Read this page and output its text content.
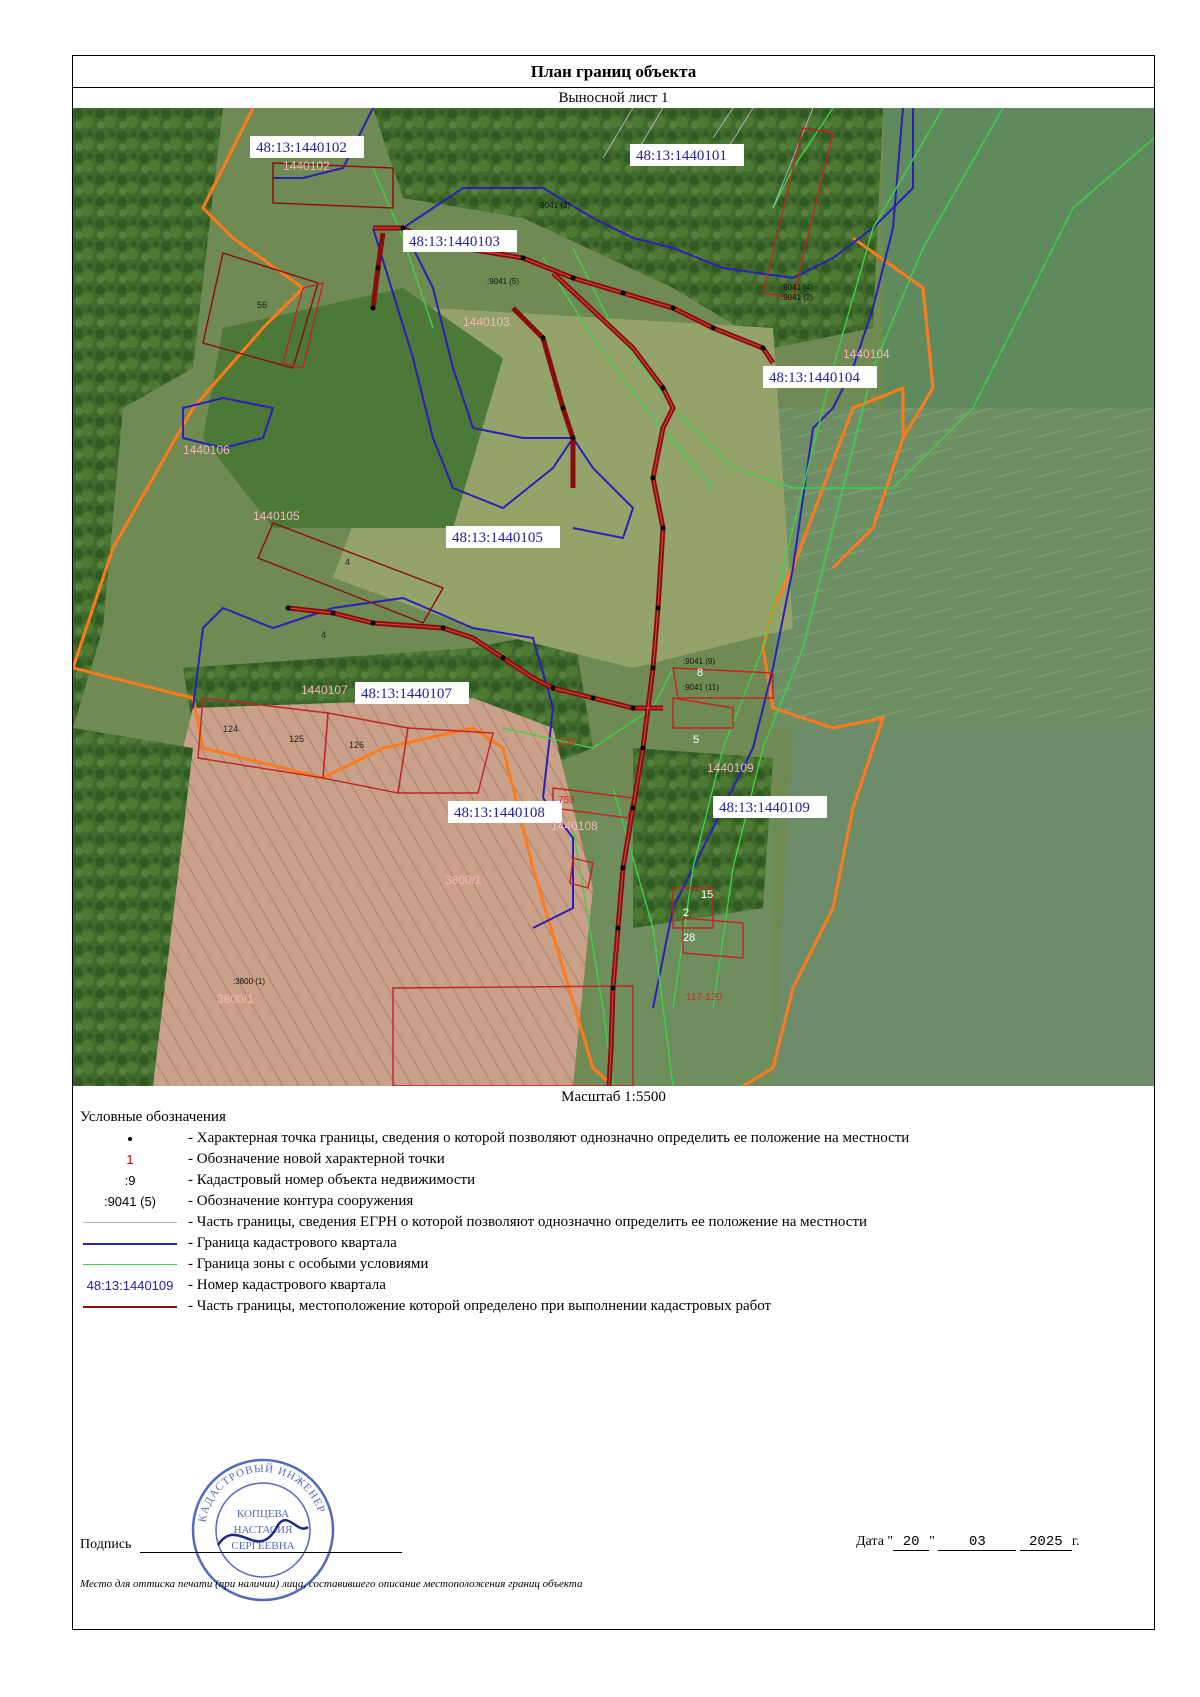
План границ объекта
Выносной лист 1
48:13:1440102	48:13:1440101
48:13:1440103
48:13:1440104
48:13:1440105
48:13:1440107
48:13:1440108	48:13:1440109
1440102
1440103
1440104
1440106
1440105
1440107
1440108
1440109
3800/1
3800/1
:9041 (3)
:9041 (5)
:9041 (4)
:9041 (2)
:9041 (9)
:9041 (11)
:3800 (1)
56
4
4
124
125
126	5
15
2
28
8
753
244
117-120
Масштаб 1:5500
Условные обозначения
- Характерная точка границы, сведения о которой позволяют однозначно определить ее положение на местности
1	- Обозначение новой характерной точки
:9	- Кадастровый номер объекта недвижимости
:9041 (5)	- Обозначение контура сооружения
- Часть границы, сведения ЕГРН о которой позволяют однозначно определить ее положение на местности
- Граница кадастрового квартала
- Граница зоны с особыми условиями
48:13:1440109 - Номер кадастрового квартала
- Часть границы, местоположение которой определено при выполнении кадастровых работ
КАДАСТРОВЫЙ ИНЖЕНЕР
КОПЦЕВА
НАСТАСИЯ
СЕРГЕЕВНА
Подпись	Дата " 20 " 03	2025 г.
Место для оттиска печати (при наличии) лица, составившего описание местоположения границ объекта
